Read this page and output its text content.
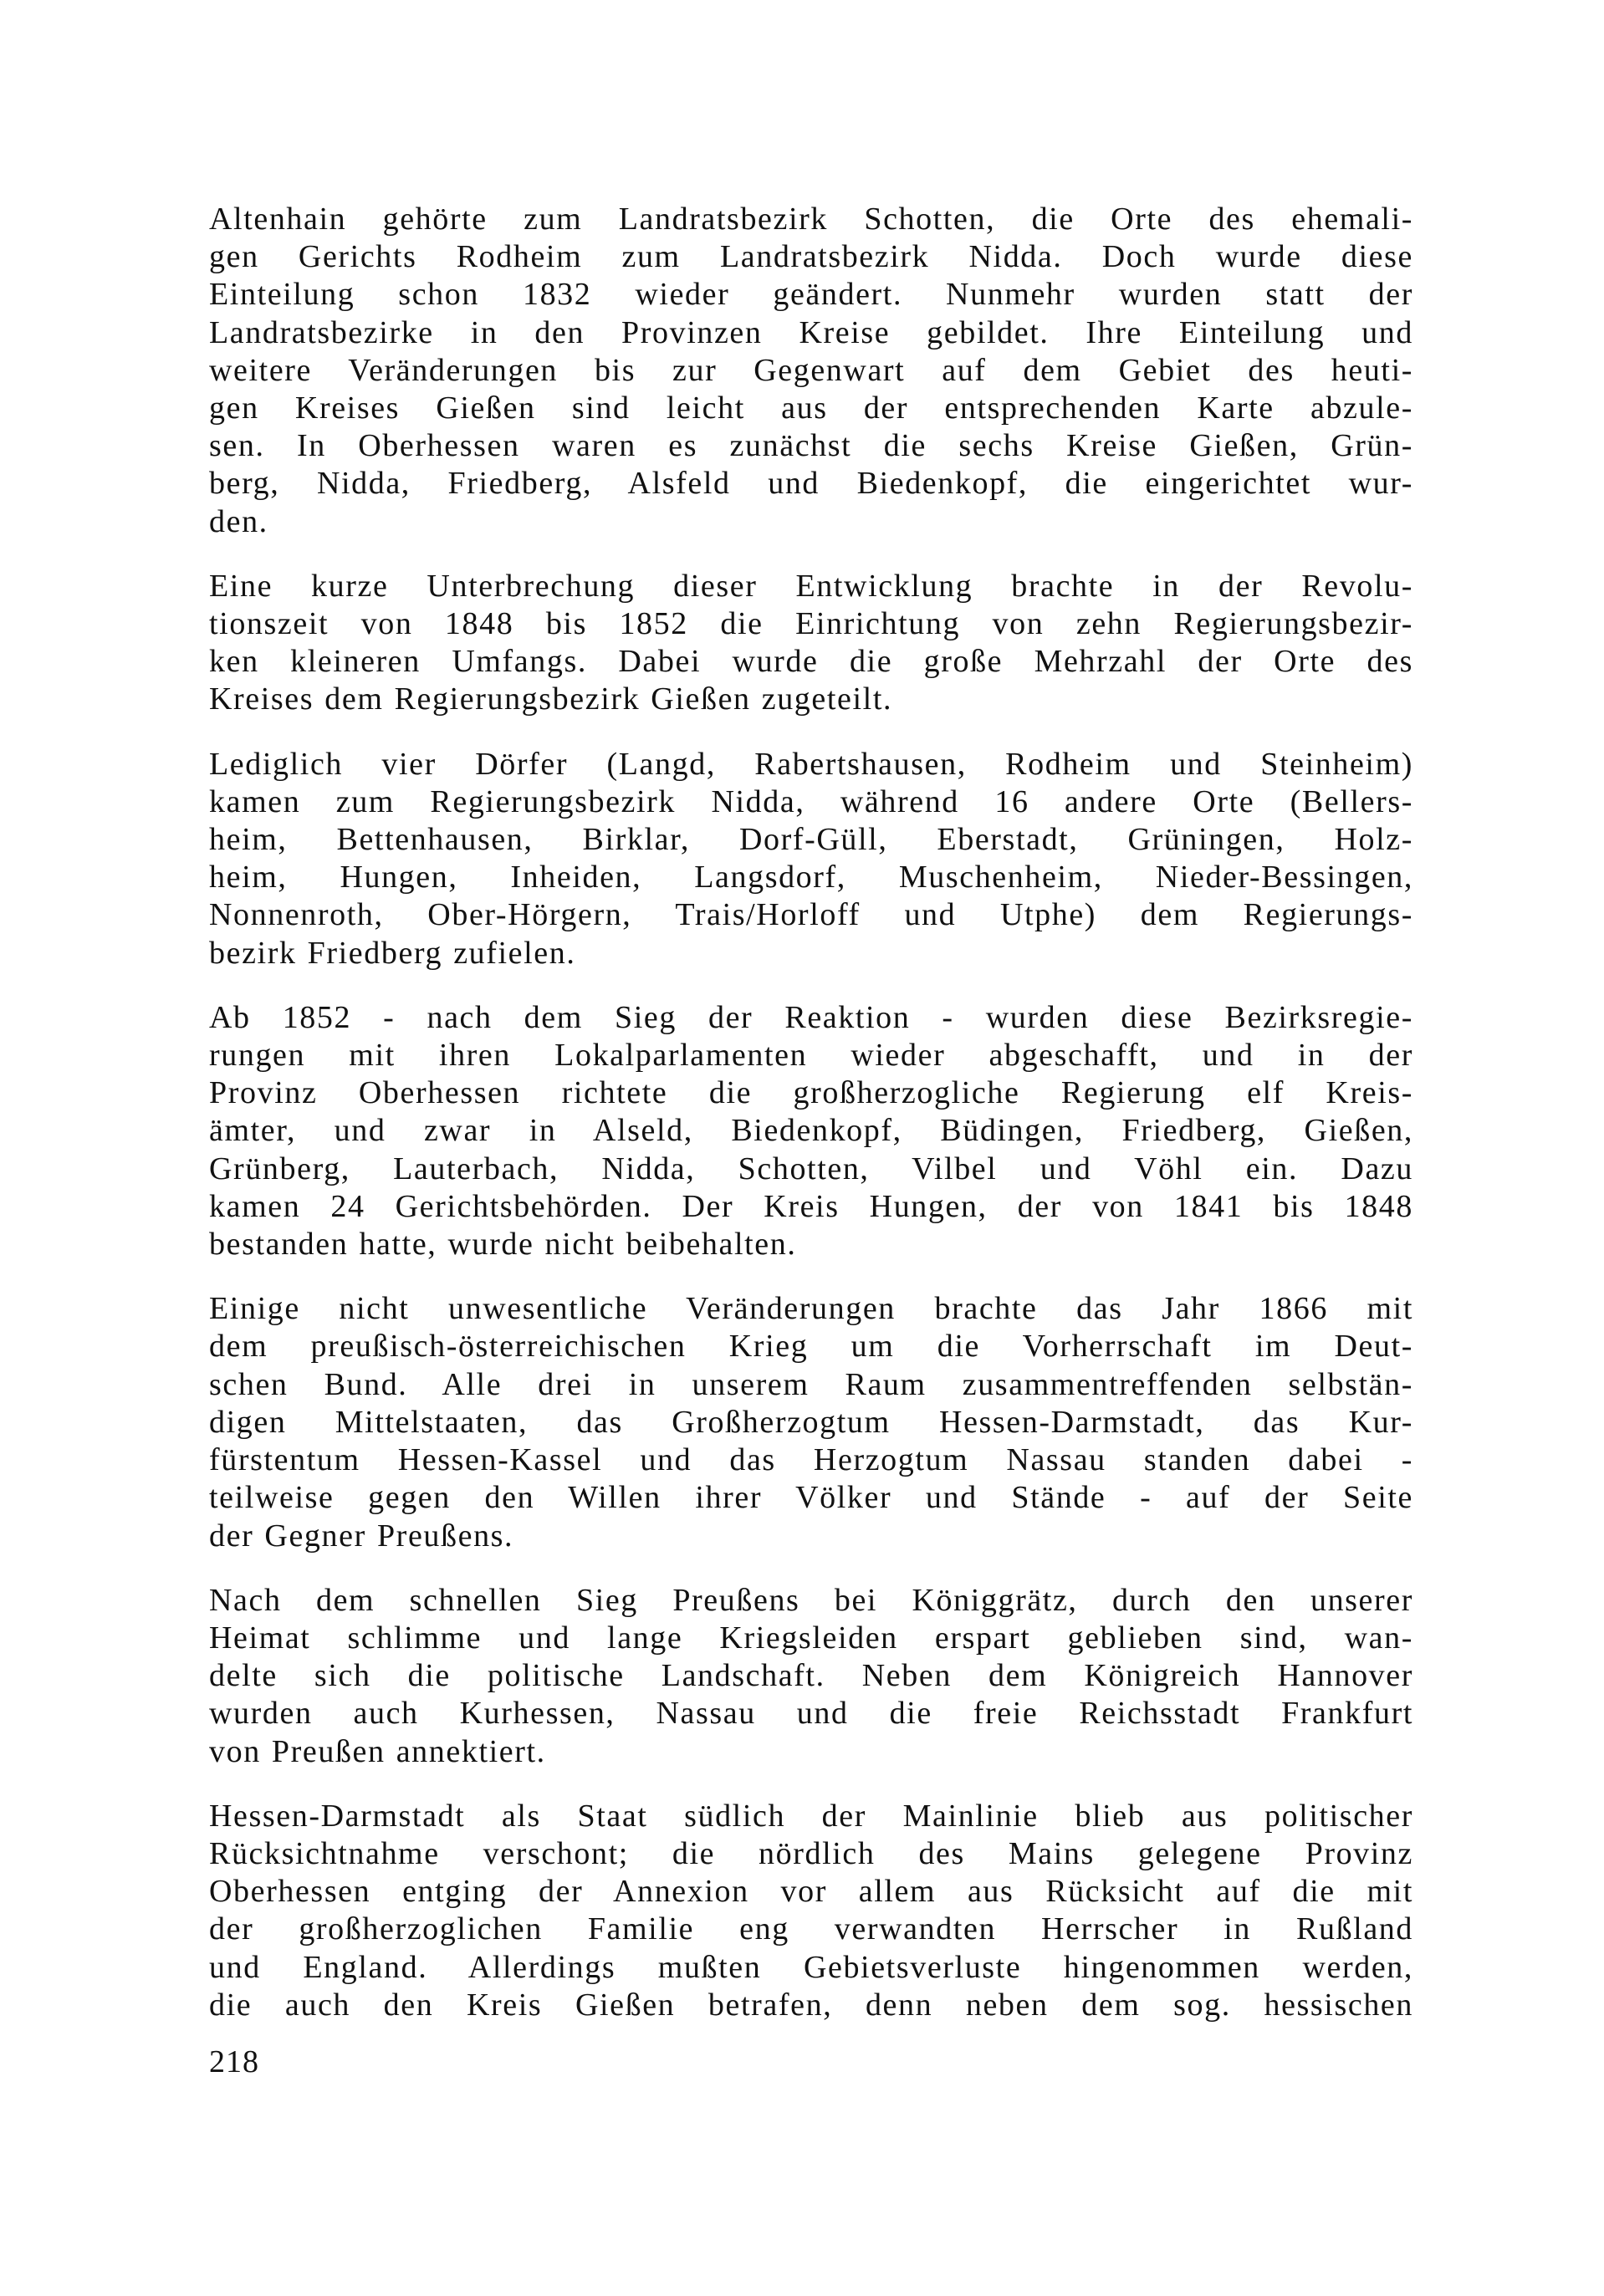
Altenhain gehörte zum Landratsbezirk Schotten, die Orte des ehemali-
gen Gerichts Rodheim zum Landratsbezirk Nidda. Doch wurde diese
Einteilung schon 1832 wieder geändert. Nunmehr wurden statt der
Landratsbezirke in den Provinzen Kreise gebildet. Ihre Einteilung und
weitere Veränderungen bis zur Gegenwart auf dem Gebiet des heuti-
gen Kreises Gießen sind leicht aus der entsprechenden Karte abzule-
sen. In Oberhessen waren es zunächst die sechs Kreise Gießen, Grün-
berg, Nidda, Friedberg, Alsfeld und Biedenkopf, die eingerichtet wur-
den.
Eine kurze Unterbrechung dieser Entwicklung brachte in der Revolu-
tionszeit von 1848 bis 1852 die Einrichtung von zehn Regierungsbezir-
ken kleineren Umfangs. Dabei wurde die große Mehrzahl der Orte des
Kreises dem Regierungsbezirk Gießen zugeteilt.
Lediglich vier Dörfer (Langd, Rabertshausen, Rodheim und Steinheim)
kamen zum Regierungsbezirk Nidda, während 16 andere Orte (Bellers-
heim, Bettenhausen, Birklar, Dorf-Güll, Eberstadt, Grüningen, Holz-
heim, Hungen, Inheiden, Langsdorf, Muschenheim, Nieder-Bessingen,
Nonnenroth, Ober-Hörgern, Trais/Horloff und Utphe) dem Regierungs-
bezirk Friedberg zufielen.
Ab 1852 - nach dem Sieg der Reaktion - wurden diese Bezirksregie-
rungen mit ihren Lokalparlamenten wieder abgeschafft, und in der
Provinz Oberhessen richtete die großherzogliche Regierung elf Kreis-
ämter, und zwar in Alseld, Biedenkopf, Büdingen, Friedberg, Gießen,
Grünberg, Lauterbach, Nidda, Schotten, Vilbel und Vöhl ein. Dazu
kamen 24 Gerichtsbehörden. Der Kreis Hungen, der von 1841 bis 1848
bestanden hatte, wurde nicht beibehalten.
Einige nicht unwesentliche Veränderungen brachte das Jahr 1866 mit
dem preußisch-österreichischen Krieg um die Vorherrschaft im Deut-
schen Bund. Alle drei in unserem Raum zusammentreffenden selbstän-
digen Mittelstaaten, das Großherzogtum Hessen-Darmstadt, das Kur-
fürstentum Hessen-Kassel und das Herzogtum Nassau standen dabei -
teilweise gegen den Willen ihrer Völker und Stände - auf der Seite
der Gegner Preußens.
Nach dem schnellen Sieg Preußens bei Königgrätz, durch den unserer
Heimat schlimme und lange Kriegsleiden erspart geblieben sind, wan-
delte sich die politische Landschaft. Neben dem Königreich Hannover
wurden auch Kurhessen, Nassau und die freie Reichsstadt Frankfurt
von Preußen annektiert.
Hessen-Darmstadt als Staat südlich der Mainlinie blieb aus politischer
Rücksichtnahme verschont; die nördlich des Mains gelegene Provinz
Oberhessen entging der Annexion vor allem aus Rücksicht auf die mit
der großherzoglichen Familie eng verwandten Herrscher in Rußland
und England. Allerdings mußten Gebietsverluste hingenommen werden,
die auch den Kreis Gießen betrafen, denn neben dem sog. hessischen
218
